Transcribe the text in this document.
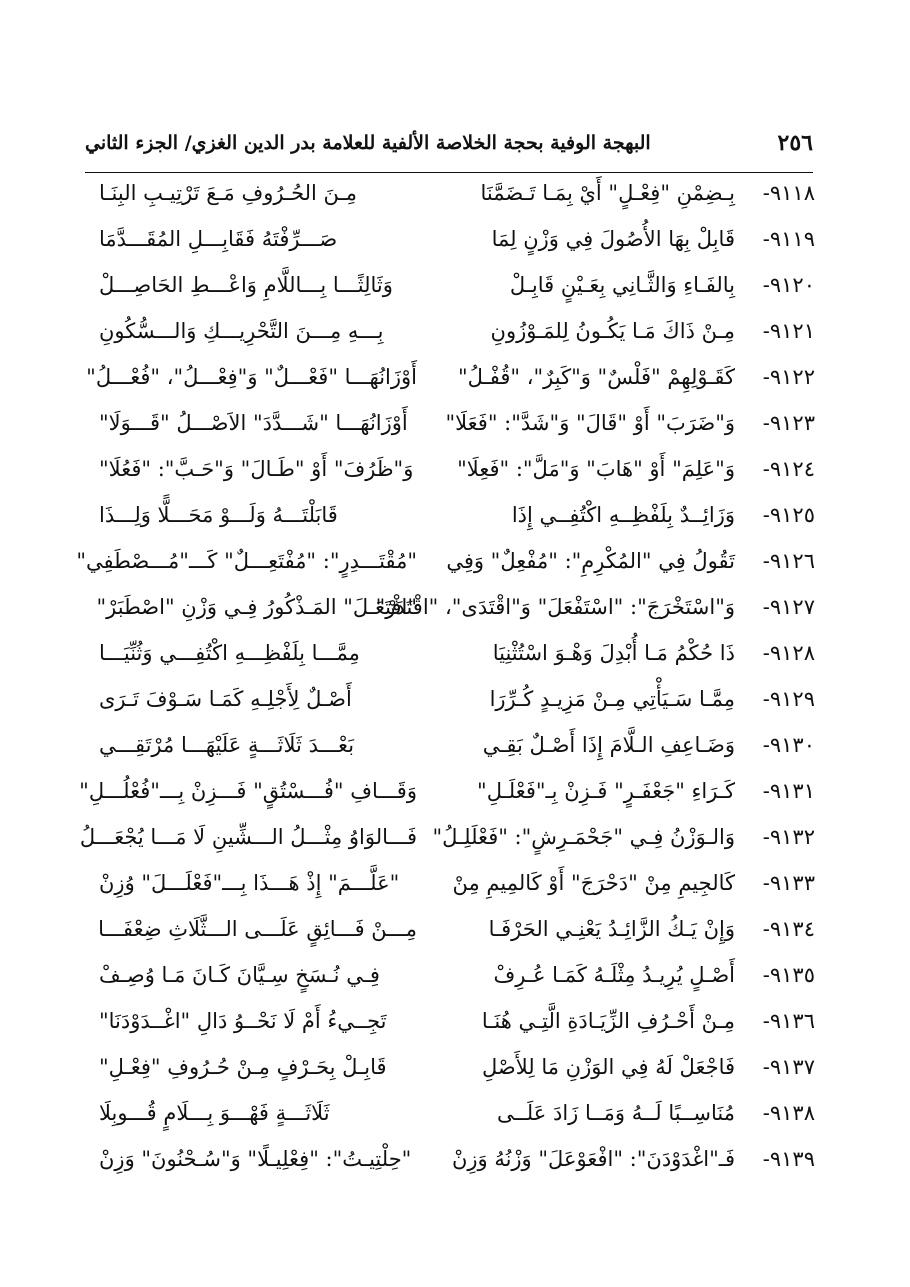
٢٥٦
البهجة الوفية بحجة الخلاصة الألفية للعلامة بدر الدين الغزي/ الجزء الثاني
٩١١٨-
بِـضِمْنِ "فِعْـلٍ" أَيْ بِمَـا تَـضَمَّنَا
مِـنَ الحُـرُوفِ مَـعَ تَرْتِيـبِ البِنَـا
٩١١٩-
قَابِلْ بِهَا الأُصُولَ فِي وَزْنٍ لِمَا
صَـــرِّفْتَهُ فَقَابِـــلِ المُقَـــدَّمَا
٩١٢٠-
بِالفَـاءِ وَالثَّـانِي بِعَـيْنٍ قَابِـلْ
وَثَالِثًـــا بِـــاللَّامِ وَاعْـــطِ الحَاصِـــلْ
٩١٢١-
مِـنْ ذَاكَ مَـا يَكُـونُ لِلمَـوْزُونِ
بِـــهِ مِـــنَ التَّحْرِيـــكِ وَالـــسُّكُونِ
٩١٢٢-
كَقَـوْلِهِمْ "فَلْسٌ" وَ"كَبِرٌ"، "قُفْـلُ"
أَوْزَانُهَـــا "فَعْـــلٌ" وَ"فِعْـــلُ"، "فُعْـــلُ"
٩١٢٣-
وَ"ضَرَبَ" أَوْ "قَالَ" وَ"شَدَّ": "فَعَلَا"
أَوْزَانُهَـــا "شَـــدَّدَ" الاَصْـــلُ "قَـــوَلَا"
٩١٢٤-
وَ"عَلِمَ" أَوْ "هَابَ" وَ"مَلَّ": "فَعِلَا"
وَ"ظَرُفَ" أَوْ "طَـالَ" وَ"حَـبَّ": "فَعُلَا"
٩١٢٥-
وَزَائِــدٌ بِلَفْظِــهِ اكْتُفِــي إِذَا
قَابَلْتَـــهُ وَلَـــوْ مَحَـــلًّا وَلِـــذَا
٩١٢٦-
تَقُولُ فِي "المُكْرِمِ": "مُفْعِلٌ" وَفِي
"مُقْتَـــدِرٍ": "مُفْتَعِـــلٌ" كَـــ"مُـــصْطَفِي"
٩١٢٧-
وَ"اسْتَخْرَجَ": "اسْتَفْعَلَ" وَ"اقْتَدَى"، "اقْتَدَرْ"
"افْتَعَـلَ" المَـذْكُورُ فِـي وَزْنِ "اصْطَبَرْ"
٩١٢٨-
ذَا حُكْمُ مَـا أُبْدِلَ وَهْـوَ اسْتُثْنِيَا
مِمَّـــا بِلَفْظِـــهِ اكْتُفِـــي وَثُنِّيَـــا
٩١٢٩-
مِمَّـا سَـيَأْتِي مِـنْ مَزِيـدٍ كُـرِّرَا
أَصْـلٌ لِأَجْلِـهِ كَمَـا سَـوْفَ تَـرَى
٩١٣٠-
وَضَـاعِفِ الـلَّامَ إِذَا أَصْـلٌ بَقِـي
بَعْـــدَ ثَلَاثَـــةٍ عَلَيْهَـــا مُرْتَقِـــي
٩١٣١-
كَـرَاءِ "جَعْفَـرٍ" فَـزِنْ بِـ"فَعْلَـلِ"
وَقَـــافِ "فُـــسْتُقٍ" فَـــزِنْ بِـــ"فُعْلُـــلِ"
٩١٣٢-
وَالـوَزْنُ فِـي "جَحْمَـرِشٍ": "فَعْلَلِـلُ"
فَـــالوَاوُ مِثْـــلُ الـــشِّينِ لَا مَـــا يُجْعَـــلُ
٩١٣٣-
كَالجِيمِ مِنْ "دَحْرَجَ" أَوْ كَالمِيمِ مِنْ
"عَلَّـــمَ" إِذْ هَـــذَا بِـــ"فَعْلَـــلَ" وُزِنْ
٩١٣٤-
وَإِنْ يَـكُ الزَّائِـدُ يَعْنِـي الحَرْفَـا
مِـــنْ فَـــائِقٍ عَلَـــى الـــثَّلَاثِ ضِعْفَـــا
٩١٣٥-
أَصْـلٍ يُرِيـدُ مِثْلَـهُ كَمَـا عُـرِفْ
فِـي نُـسَخٍ سِـيَّانَ كَـانَ مَـا وُصِـفْ
٩١٣٦-
مِـنْ أَحْـرُفِ الزِّيَـادَةِ الَّتِـي هُنَـا
تَجِــيءُ أَمْ لَا نَحْــوُ دَالِ "اغْــدَوْدَنَا"
٩١٣٧-
فَاجْعَلْ لَهُ فِي الوَزْنِ مَا لِلأَصْلِ
قَابِـلْ بِحَـرْفٍ مِـنْ حُـرُوفِ "فِعْـلِ"
٩١٣٨-
مُنَاسِــبًا لَــهُ وَمَــا زَادَ عَلَــى
ثَلَاثَـــةٍ فَهْـــوَ بِـــلَامٍ قُـــوبِلَا
٩١٣٩-
فَـ"اغْدَوْدَنَ": "افْعَوْعَلَ" وَزْنُهُ وَزِنْ
"حِلْتِيـتُ": "فِعْلِيـلًا" وَ"سُـحْنُونَ" وَزِنْ
